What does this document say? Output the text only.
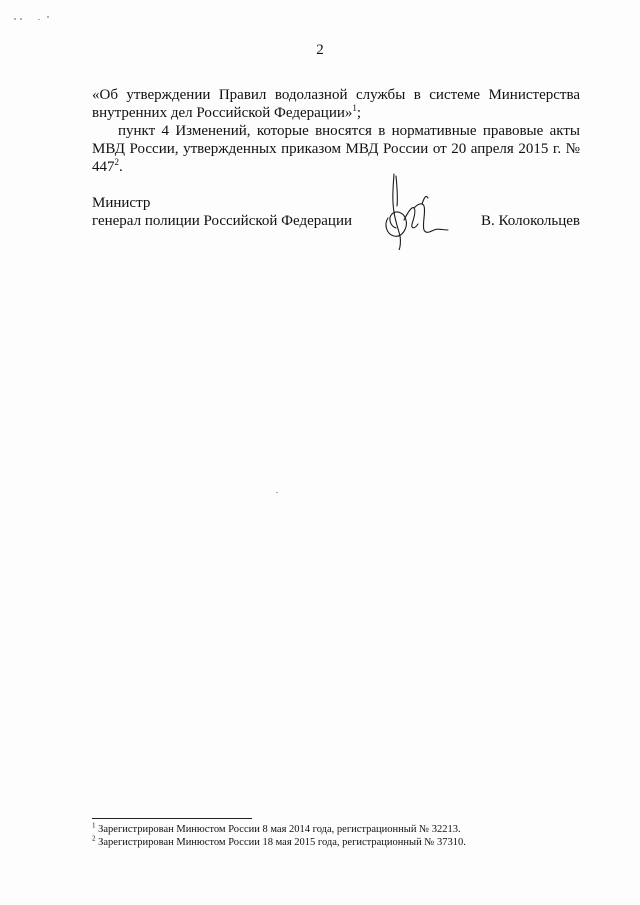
2
«Об утверждении Правил водолазной службы в системе Министерства внутренних дел Российской Федерации»$^1$;
пункт 4 Изменений, которые вносятся в нормативные правовые акты МВД России, утвержденных приказом МВД России от 20 апреля 2015 г. № $447^2$.
Министр
генерал полиции Российской Федерации	В. Колокольцев
$^1$ Зарегистрирован Минюстом России 8 мая 2014 года, регистрационный № 32213.
$^2$ Зарегистрирован Минюстом России 18 мая 2015 года, регистрационный № 37310.
